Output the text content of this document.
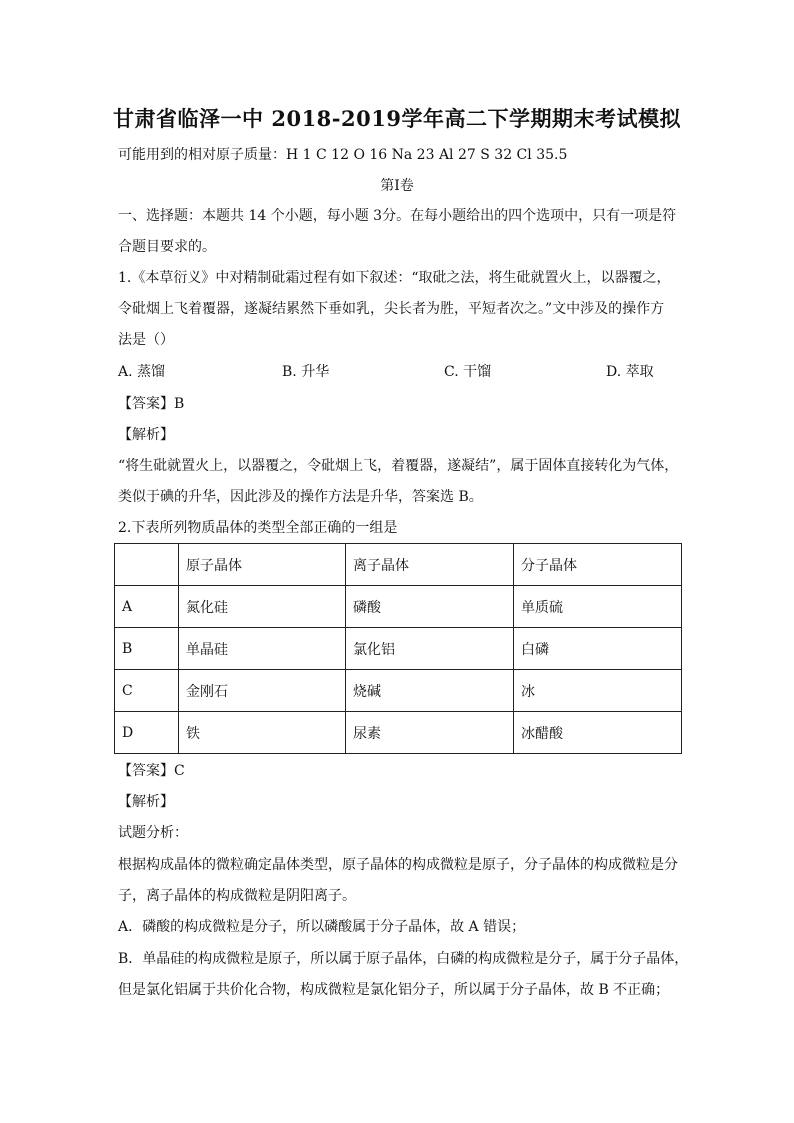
甘肃省临泽一中 2018-2019学年高二下学期期末考试模拟
可能用到的相对原子质量：H 1 C 12 O 16 Na 23 Al 27 S 32 Cl 35.5
第Ⅰ卷
一、选择题：本题共 14 个小题，每小题 3分。在每小题给出的四个选项中，只有一项是符
合题目要求的。
1.《本草衍义》中对精制砒霜过程有如下叙述：“取砒之法，将生砒就置火上，以器覆之，
令砒烟上飞着覆器，遂凝结累然下垂如乳，尖长者为胜，平短者次之。”文中涉及的操作方
法是（）
A. 蒸馏	B. 升华	C. 干馏	D. 萃取
【答案】B
【解析】
“将生砒就置火上，以器覆之，令砒烟上飞，着覆器，遂凝结”，属于固体直接转化为气体，
类似于碘的升华，因此涉及的操作方法是升华，答案选 B。
2.下表所列物质晶体的类型全部正确的一组是
	原子晶体	离子晶体	分子晶体
A	氮化硅	磷酸	单质硫
B	单晶硅	氯化铝	白磷
C	金刚石	烧碱	冰
D	铁	尿素	冰醋酸
【答案】C
【解析】
试题分析：
根据构成晶体的微粒确定晶体类型，原子晶体的构成微粒是原子，分子晶体的构成微粒是分
子，离子晶体的构成微粒是阴阳离子。
A．磷酸的构成微粒是分子，所以磷酸属于分子晶体，故 A 错误；
B．单晶硅的构成微粒是原子，所以属于原子晶体，白磷的构成微粒是分子，属于分子晶体，
但是氯化铝属于共价化合物，构成微粒是氯化铝分子，所以属于分子晶体，故 B 不正确；
